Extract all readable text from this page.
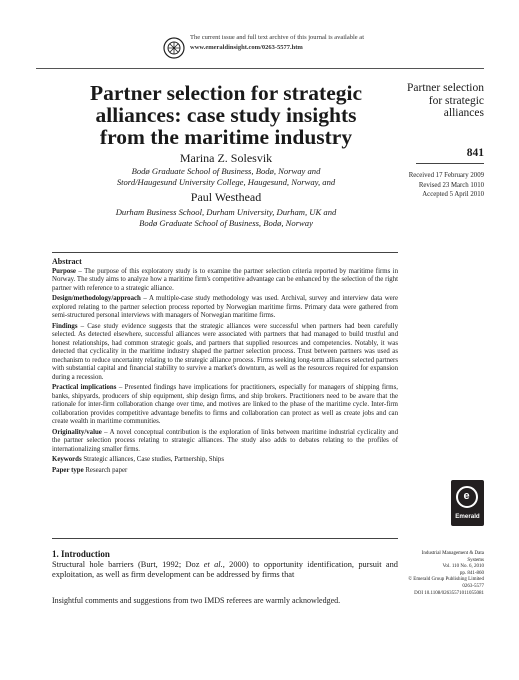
The current issue and full text archive of this journal is available at
www.emeraldinsight.com/0263-5577.htm
Partner selection for strategic
alliances: case study insights
from the maritime industry
Marina Z. Solesvik
Bodø Graduate School of Business, Bodø, Norway and
Stord/Haugesund University College, Haugesund, Norway, and
Paul Westhead
Durham Business School, Durham University, Durham, UK and
Bodø Graduate School of Business, Bodø, Norway
Partner selection
for strategic
alliances
841
Received 17 February 2009
Revised 23 March 1010
Accepted 5 April 2010

Abstract

Purpose – The purpose of this exploratory study is to examine the partner selection criteria reported by maritime firms in Norway. The study aims to analyze how a maritime firm's competitive advantage can be enhanced by the selection of the right partner with reference to a strategic alliance.

Design/methodology/approach – A multiple-case study methodology was used. Archival, survey and interview data were explored relating to the partner selection process reported by Norwegian maritime firms. Primary data were gathered from semi-structured personal interviews with managers of Norwegian maritime firms.

Findings – Case study evidence suggests that the strategic alliances were successful when partners had been carefully selected. As detected elsewhere, successful alliances were associated with partners that had managed to build trustful and honest relationships, had common strategic goals, and partners that supplied resources and competencies. Notably, it was detected that cyclicality in the maritime industry shaped the partner selection process. Trust between partners was used as mechanism to reduce uncertainty relating to the strategic alliance process. Firms seeking long-term alliances selected partners with substantial capital and financial stability to survive a market's downturn, as well as the resources required for expansion during a recession.

Practical implications – Presented findings have implications for practitioners, especially for managers of shipping firms, banks, shipyards, producers of ship equipment, ship design firms, and ship brokers. Practitioners need to be aware that the rationale for inter-firm collaboration change over time, and motives are linked to the phase of the maritime cycle. Inter-firm collaboration provides competitive advantage benefits to firms and collaboration can protect as well as create jobs and can create wealth in maritime communities.

Originality/value – A novel conceptual contribution is the exploration of links between maritime industrial cyclicality and the partner selection process relating to strategic alliances. The study also adds to debates relating to the profiles of internationalizing smaller firms.

Keywords Strategic alliances, Case studies, Partnership, Ships

Paper type Research paper

e
Emerald
1. Introduction
Structural hole barriers (Burt, 1992; Doz et al., 2000) to opportunity identification, pursuit and exploitation, as well as firm development can be addressed by firms that
Industrial Management & Data
Systems
Vol. 110 No. 6, 2010
pp. 841-860
© Emerald Group Publishing Limited
0263-5577
DOI 10.1108/02635571011055081
Insightful comments and suggestions from two IMDS referees are warmly acknowledged.
